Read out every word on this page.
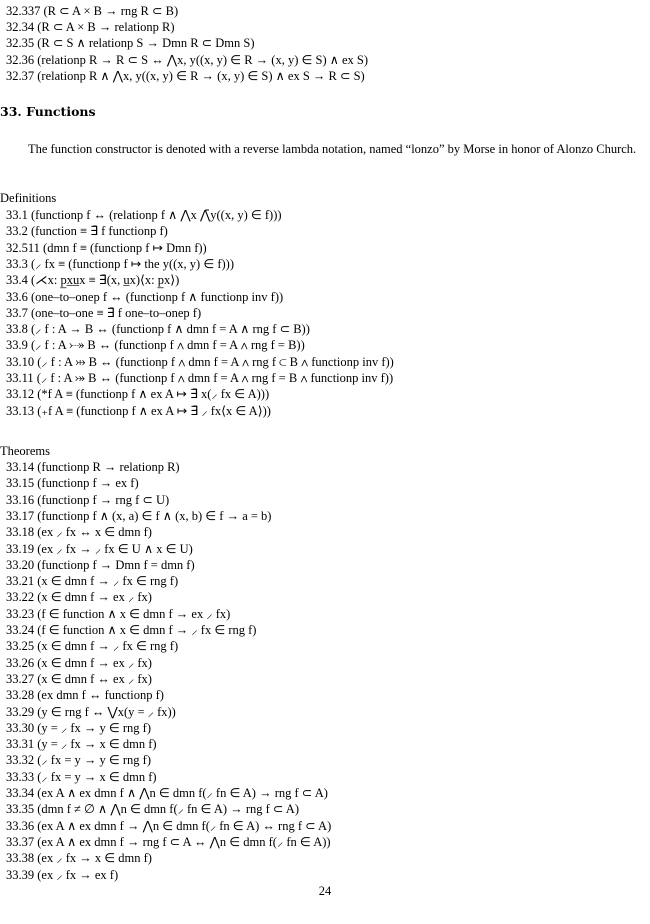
32.337 (R ⊂ A × B → rng R ⊂ B)
32.34 (R ⊂ A × B → relationp R)
32.35 (R ⊂ S ∧ relationp S → Dmn R ⊂ Dmn S)
32.36 (relationp R → R ⊂ S ↔ ⋀x, y((x, y) ∈ R → (x, y) ∈ S) ∧ ex S)
32.37 (relationp R ∧ ⋀x, y((x, y) ∈ R → (x, y) ∈ S) ∧ ex S → R ⊂ S)
33. Functions
The function constructor is denoted with a reverse lambda notation, named “lonzo” by Morse in honor of Alonzo Church.
Definitions
33.1 (functionp f ↔ (relationp f ∧ ⋀x ⋀̄y((x, y) ∈ f)))
33.2 (function ≡ ∃̄ f functionp f)
32.511 (dmn f ≡ (functionp f ↦ Dmn f))
33.3 (⸝ fx ≡ (functionp f ↦ the y((x, y) ∈ f)))
33.4 (⋌x: p̲x̲u̲x ≡ ∃̄(x, u̲x)⟨x: p̲x⟩)
33.6 (one–to–onep f ↔ (functionp f ∧ functionp inv f))
33.7 (one–to–one ≡ ∃̄ f one–to–onep f)
33.8 (⸝ f : A → B ↔ (functionp f ∧ dmn f = A ∧ rng f ⊂ B))
33.9 (⸝ f : A ⤐ B ↔ (functionp f ∧ dmn f = A ∧ rng f = B))
33.10 (⸝ f : A ⤔ B ↔ (functionp f ∧ dmn f = A ∧ rng f ⊂ B ∧ functionp inv f))
33.11 (⸝ f : A ⤖ B ↔ (functionp f ∧ dmn f = A ∧ rng f = B ∧ functionp inv f))
33.12 (*f A ≡ (functionp f ∧ ex A ↦ ∃̄ x(⸝ fx ∈ A)))
33.13 (₊f A ≡ (functionp f ∧ ex A ↦ ∃̄ ⸝ fx⟨x ∈ A⟩))
Theorems
33.14 (functionp R → relationp R)
33.15 (functionp f → ex f)
33.16 (functionp f → rng f ⊂ U)
33.17 (functionp f ∧ (x, a) ∈ f ∧ (x, b) ∈ f → a = b)
33.18 (ex ⸝ fx ↔ x ∈ dmn f)
33.19 (ex ⸝ fx → ⸝ fx ∈ U ∧ x ∈ U)
33.20 (functionp f → Dmn f = dmn f)
33.21 (x ∈ dmn f → ⸝ fx ∈ rng f)
33.22 (x ∈ dmn f → ex ⸝ fx)
33.23 (f ∈ function ∧ x ∈ dmn f → ex ⸝ fx)
33.24 (f ∈ function ∧ x ∈ dmn f → ⸝ fx ∈ rng f)
33.25 (x ∈ dmn f → ⸝ fx ∈ rng f)
33.26 (x ∈ dmn f → ex ⸝ fx)
33.27 (x ∈ dmn f ↔ ex ⸝ fx)
33.28 (ex dmn f ↔ functionp f)
33.29 (y ∈ rng f ↔ ⋁x(y = ⸝ fx))
33.30 (y = ⸝ fx → y ∈ rng f)
33.31 (y = ⸝ fx → x ∈ dmn f)
33.32 (⸝ fx = y → y ∈ rng f)
33.33 (⸝ fx = y → x ∈ dmn f)
33.34 (ex A ∧ ex dmn f ∧ ⋀n ∈ dmn f(⸝ fn ∈ A) → rng f ⊂ A)
33.35 (dmn f ≠ ∅ ∧ ⋀n ∈ dmn f(⸝ fn ∈ A) → rng f ⊂ A)
33.36 (ex A ∧ ex dmn f → ⋀n ∈ dmn f(⸝ fn ∈ A) ↔ rng f ⊂ A)
33.37 (ex A ∧ ex dmn f → rng f ⊂ A ↔ ⋀n ∈ dmn f(⸝ fn ∈ A))
33.38 (ex ⸝ fx → x ∈ dmn f)
33.39 (ex ⸝ fx → ex f)
24
